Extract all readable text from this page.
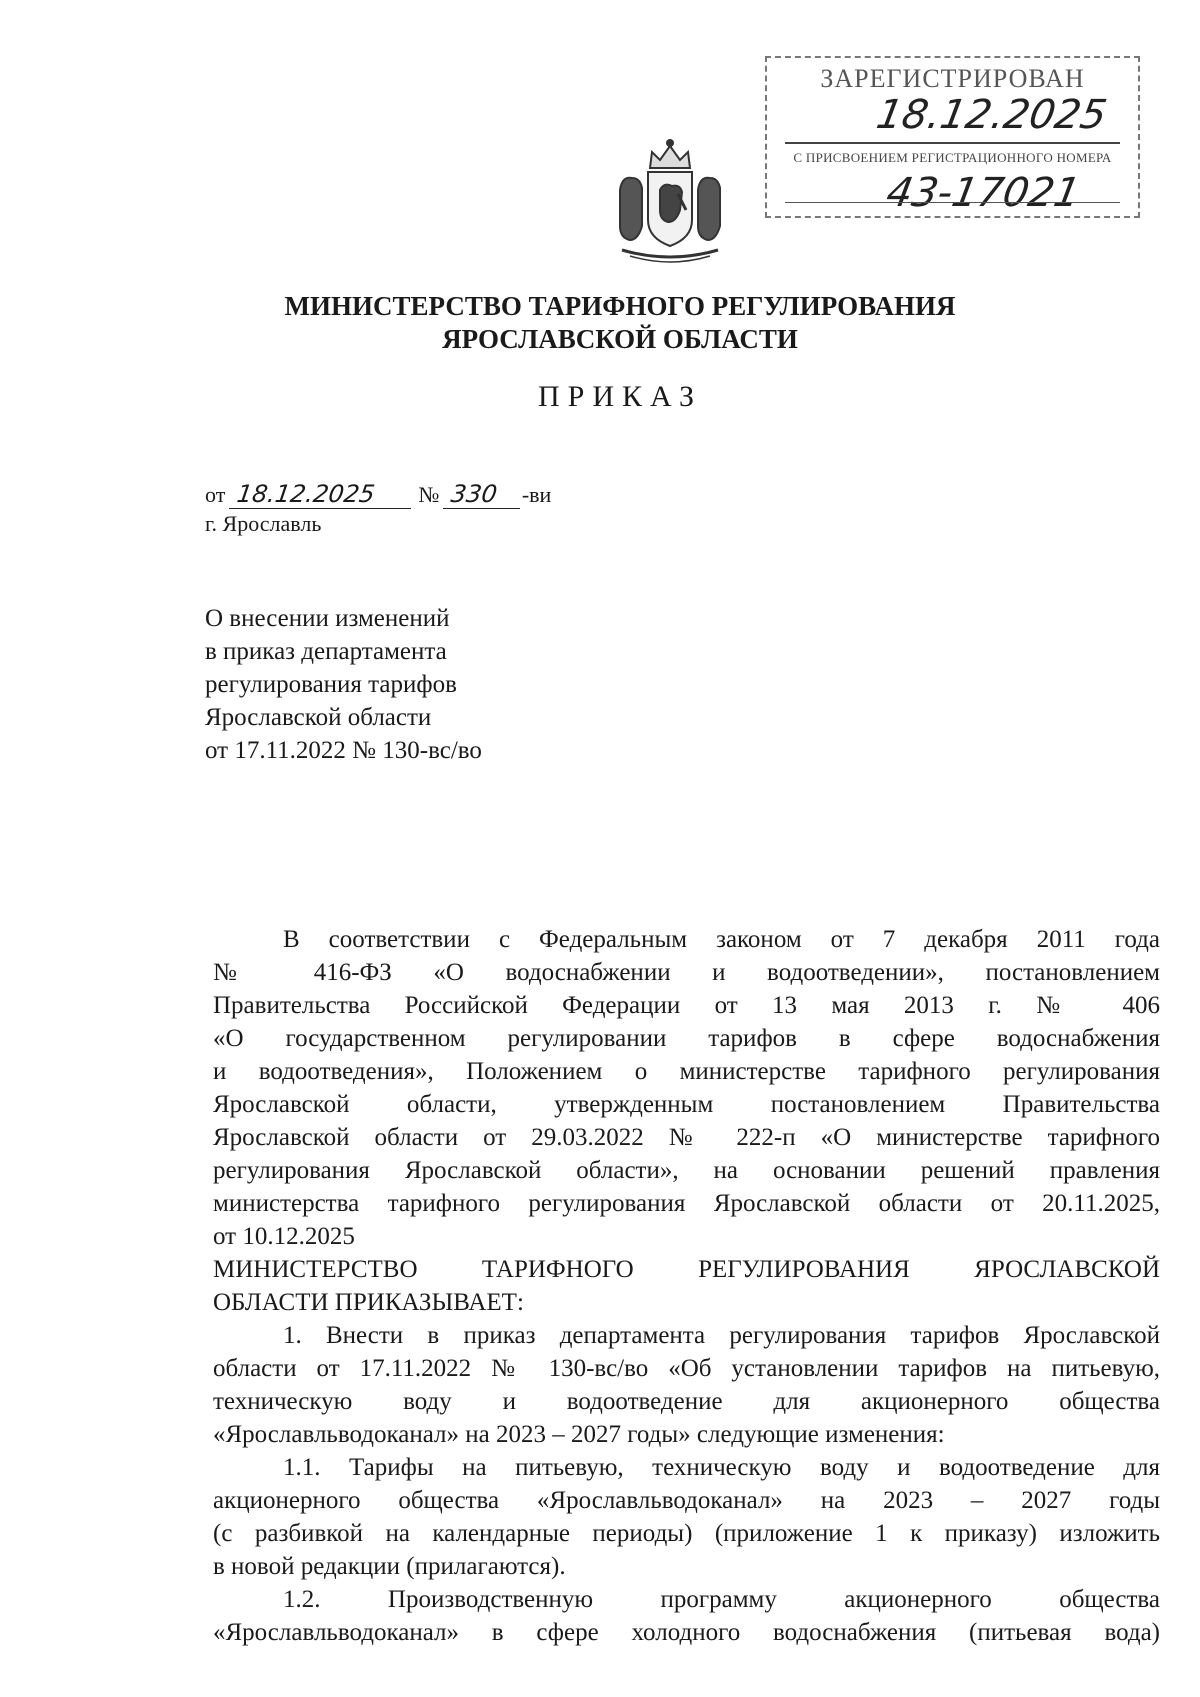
ЗАРЕГИСТРИРОВАН
18.12.2025
С ПРИСВОЕНИЕМ РЕГИСТРАЦИОННОГО НОМЕРА
43-17021
МИНИСТЕРСТВО ТАРИФНОГО РЕГУЛИРОВАНИЯ
ЯРОСЛАВСКОЙ ОБЛАСТИ
ПРИКАЗ
от 18.12.2025 № 330 -ви
г. Ярославль
О внесении изменений
в приказ департамента
регулирования тарифов
Ярославской области
от 17.11.2022 № 130-вс/во
В соответствии с Федеральным законом от 7 декабря 2011 года
№ 416-ФЗ «О водоснабжении и водоотведении», постановлением
Правительства Российской Федерации от 13 мая 2013 г. № 406
«О государственном регулировании тарифов в сфере водоснабжения
и водоотведения», Положением о министерстве тарифного регулирования
Ярославской области, утвержденным постановлением Правительства
Ярославской области от 29.03.2022 № 222-п «О министерстве тарифного
регулирования Ярославской области», на основании решений правления
министерства тарифного регулирования Ярославской области от 20.11.2025,
от 10.12.2025
МИНИСТЕРСТВО ТАРИФНОГО РЕГУЛИРОВАНИЯ ЯРОСЛАВСКОЙ
ОБЛАСТИ ПРИКАЗЫВАЕТ:
1. Внести в приказ департамента регулирования тарифов Ярославской
области от 17.11.2022 № 130-вс/во «Об установлении тарифов на питьевую,
техническую воду и водоотведение для акционерного общества
«Ярославльводоканал» на 2023 – 2027 годы» следующие изменения:
1.1. Тарифы на питьевую, техническую воду и водоотведение для
акционерного общества «Ярославльводоканал» на 2023 – 2027 годы
(с разбивкой на календарные периоды) (приложение 1 к приказу) изложить
в новой редакции (прилагаются).
1.2. Производственную программу акционерного общества
«Ярославльводоканал» в сфере холодного водоснабжения (питьевая вода)
